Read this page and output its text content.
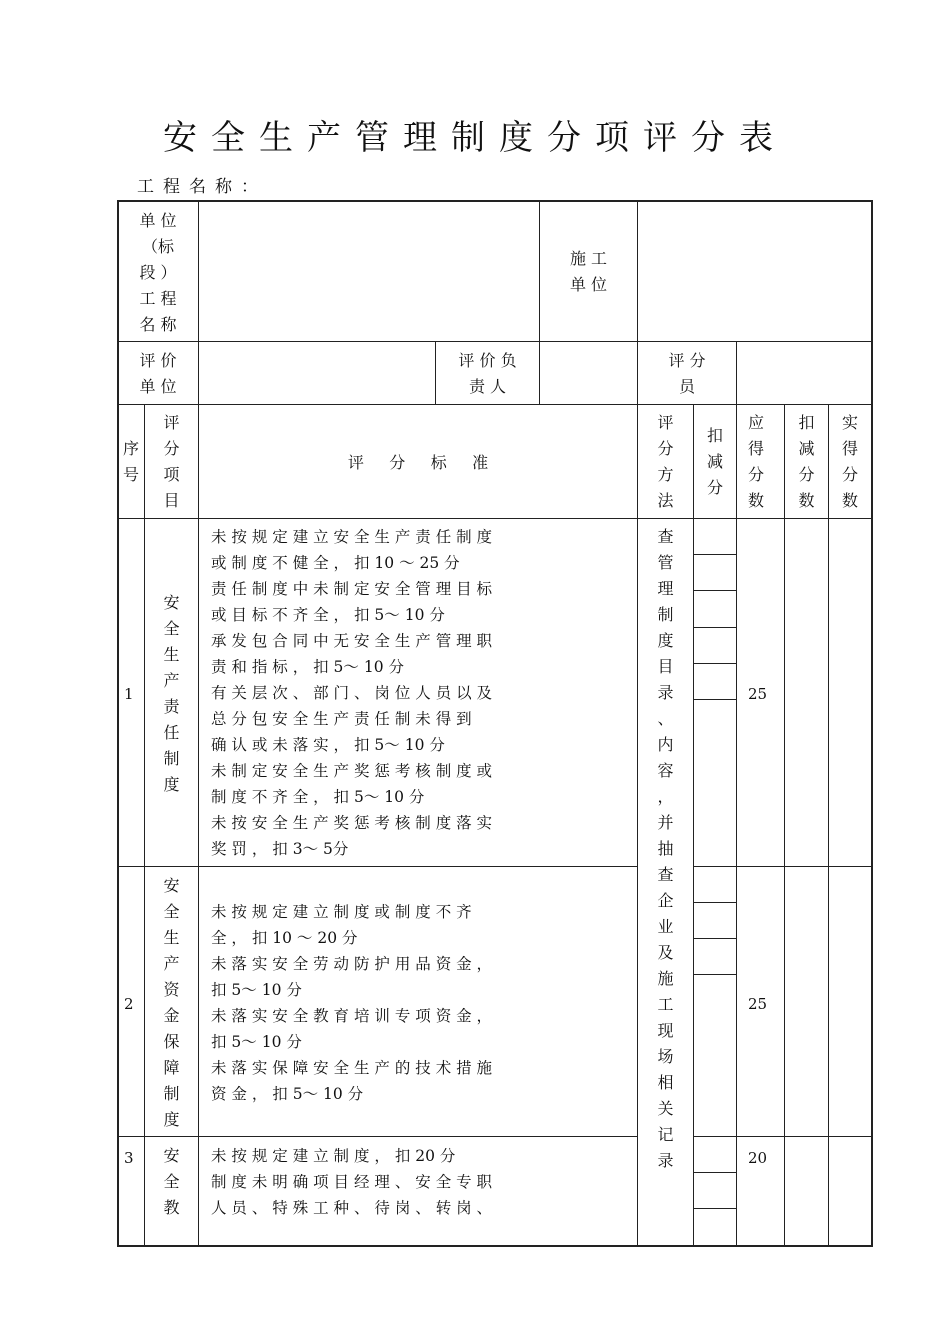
安全生产管理制度分项评分表
工程名称：
单 位
（标
段 ）
工 程
名 称
施 工
单 位
评 价
单 位
评 价 负
责 人
评 分
员
序
号
评
分
项
目
评     分     标     准
评
分
方
法
扣
减
分
应
得
分
数
扣
减
分
数
实
得
分
数
查
管
理
制
度
目
录
、
内
容
，
并
抽
查
企
业
及
施
工
现
场
相
关
记
录
1
安
全
生
产
责
任
制
度
未 按 规 定 建 立 安 全 生 产 责 任 制 度
或 制 度 不 健 全 ， 扣 10 ～ 25 分
责 任 制 度 中 未 制 定 安 全 管 理 目 标
或 目 标 不 齐 全 ， 扣 5～ 10 分
承 发 包 合 同 中 无 安 全 生 产 管 理 职
责 和 指 标 ， 扣 5～ 10 分
有 关 层 次 、 部 门 、 岗 位 人 员 以 及
总 分 包 安 全 生 产 责 任 制 未 得 到
确 认 或 未 落 实 ， 扣 5～ 10 分
未 制 定 安 全 生 产 奖 惩 考 核 制 度 或
制 度 不 齐 全 ， 扣 5～ 10 分
未 按 安 全 生 产 奖 惩 考 核 制 度 落 实
奖 罚 ， 扣 3～ 5分
25
2
安
全
生
产
资
金
保
障
制
度
未 按 规 定 建 立 制 度 或 制 度 不 齐
全 ， 扣 10 ～ 20 分
未 落 实 安 全 劳 动 防 护 用 品 资 金 ，
扣 5～ 10 分
未 落 实 安 全 教 育 培 训 专 项 资 金 ，
扣 5～ 10 分
未 落 实 保 障 安 全 生 产 的 技 术 措 施
资 金 ， 扣 5～ 10 分
25
3	安
全
教
未 按 规 定 建 立 制 度 ， 扣 20 分
制 度 未 明 确 项 目 经 理 、 安 全 专 职
人 员 、 特 殊 工 种 、 待 岗 、 转 岗 、
20
